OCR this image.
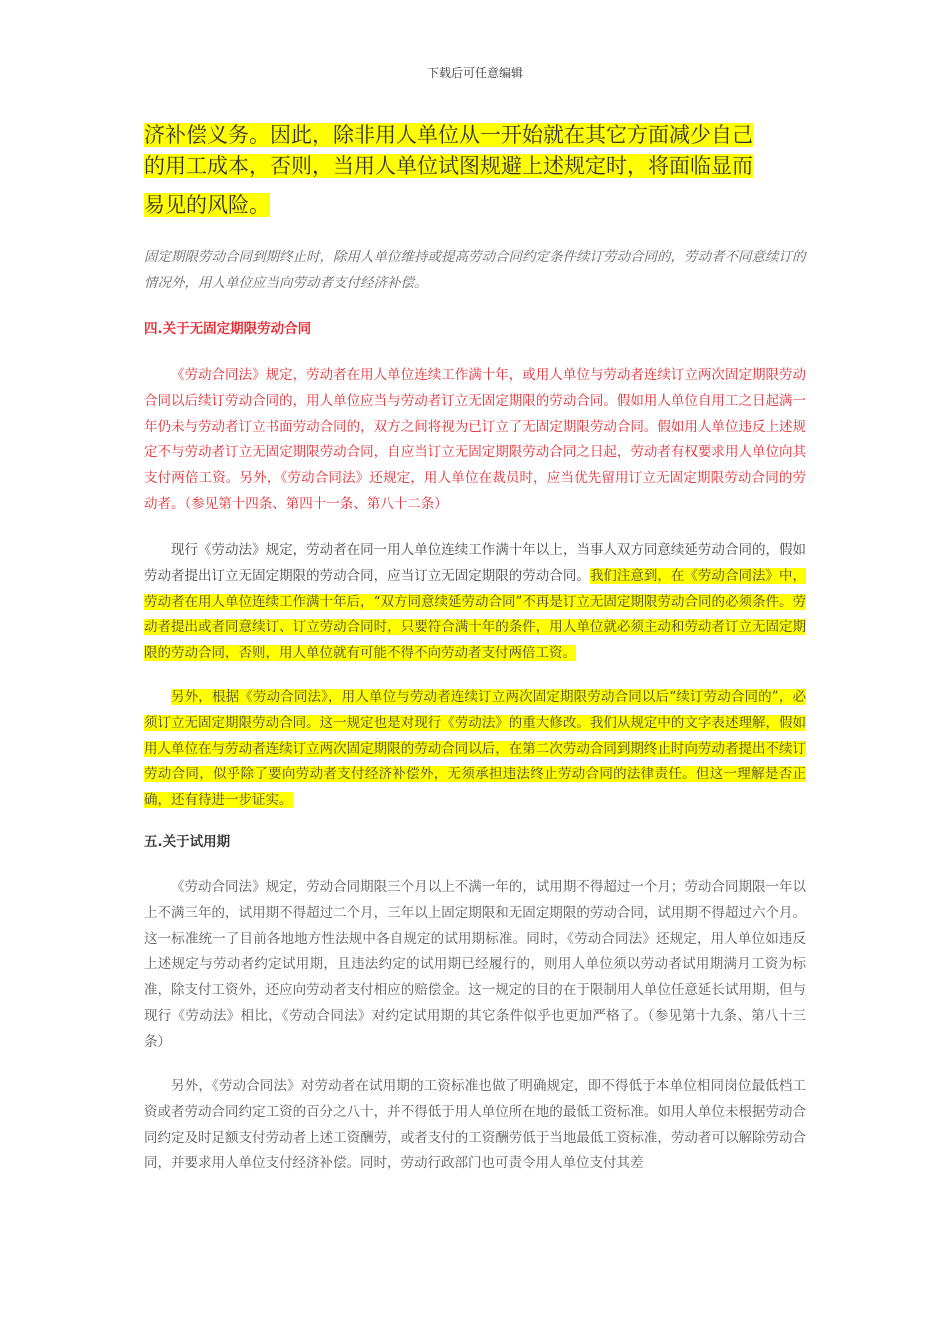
下载后可任意编辑
济补偿义务。因此，除非用人单位从一开始就在其它方面减少自己
的用工成本，否则，当用人单位试图规避上述规定时，将面临显而
易见的风险。
固定期限劳动合同到期终止时，除用人单位维持或提高劳动合同约定条件续订劳动合同的，劳动者不同意续订的情况外，用人单位应当向劳动者支付经济补偿。
四.关于无固定期限劳动合同
《劳动合同法》规定，劳动者在用人单位连续工作满十年，或用人单位与劳动者连续订立两次固定期限劳动合同以后续订劳动合同的，用人单位应当与劳动者订立无固定期限的劳动合同。假如用人单位自用工之日起满一年仍未与劳动者订立书面劳动合同的，双方之间将视为已订立了无固定期限劳动合同。假如用人单位违反上述规定不与劳动者订立无固定期限劳动合同，自应当订立无固定期限劳动合同之日起，劳动者有权要求用人单位向其支付两倍工资。另外，《劳动合同法》还规定，用人单位在裁员时，应当优先留用订立无固定期限劳动合同的劳动者。（参见第十四条、第四十一条、第八十二条）
现行《劳动法》规定，劳动者在同一用人单位连续工作满十年以上，当事人双方同意续延劳动合同的，假如劳动者提出订立无固定期限的劳动合同，应当订立无固定期限的劳动合同。我们注意到，在《劳动合同法》中，劳动者在用人单位连续工作满十年后，“双方同意续延劳动合同”不再是订立无固定期限劳动合同的必须条件。劳动者提出或者同意续订、订立劳动合同时，只要符合满十年的条件，用人单位就必须主动和劳动者订立无固定期限的劳动合同，否则，用人单位就有可能不得不向劳动者支付两倍工资。
另外，根据《劳动合同法》，用人单位与劳动者连续订立两次固定期限劳动合同以后“续订劳动合同的”，必须订立无固定期限劳动合同。这一规定也是对现行《劳动法》的重大修改。我们从规定中的文字表述理解，假如用人单位在与劳动者连续订立两次固定期限的劳动合同以后，在第二次劳动合同到期终止时向劳动者提出不续订劳动合同，似乎除了要向劳动者支付经济补偿外，无须承担违法终止劳动合同的法律责任。但这一理解是否正确，还有待进一步证实。
五.关于试用期
《劳动合同法》规定，劳动合同期限三个月以上不满一年的，试用期不得超过一个月；劳动合同期限一年以上不满三年的，试用期不得超过二个月，三年以上固定期限和无固定期限的劳动合同，试用期不得超过六个月。这一标准统一了目前各地地方性法规中各自规定的试用期标准。同时，《劳动合同法》还规定，用人单位如违反上述规定与劳动者约定试用期，且违法约定的试用期已经履行的，则用人单位须以劳动者试用期满月工资为标准，除支付工资外，还应向劳动者支付相应的赔偿金。这一规定的目的在于限制用人单位任意延长试用期，但与现行《劳动法》相比，《劳动合同法》对约定试用期的其它条件似乎也更加严格了。（参见第十九条、第八十三条）
另外，《劳动合同法》对劳动者在试用期的工资标准也做了明确规定，即不得低于本单位相同岗位最低档工资或者劳动合同约定工资的百分之八十，并不得低于用人单位所在地的最低工资标准。如用人单位未根据劳动合同约定及时足额支付劳动者上述工资酬劳，或者支付的工资酬劳低于当地最低工资标准，劳动者可以解除劳动合同，并要求用人单位支付经济补偿。同时，劳动行政部门也可责令用人单位支付其差
